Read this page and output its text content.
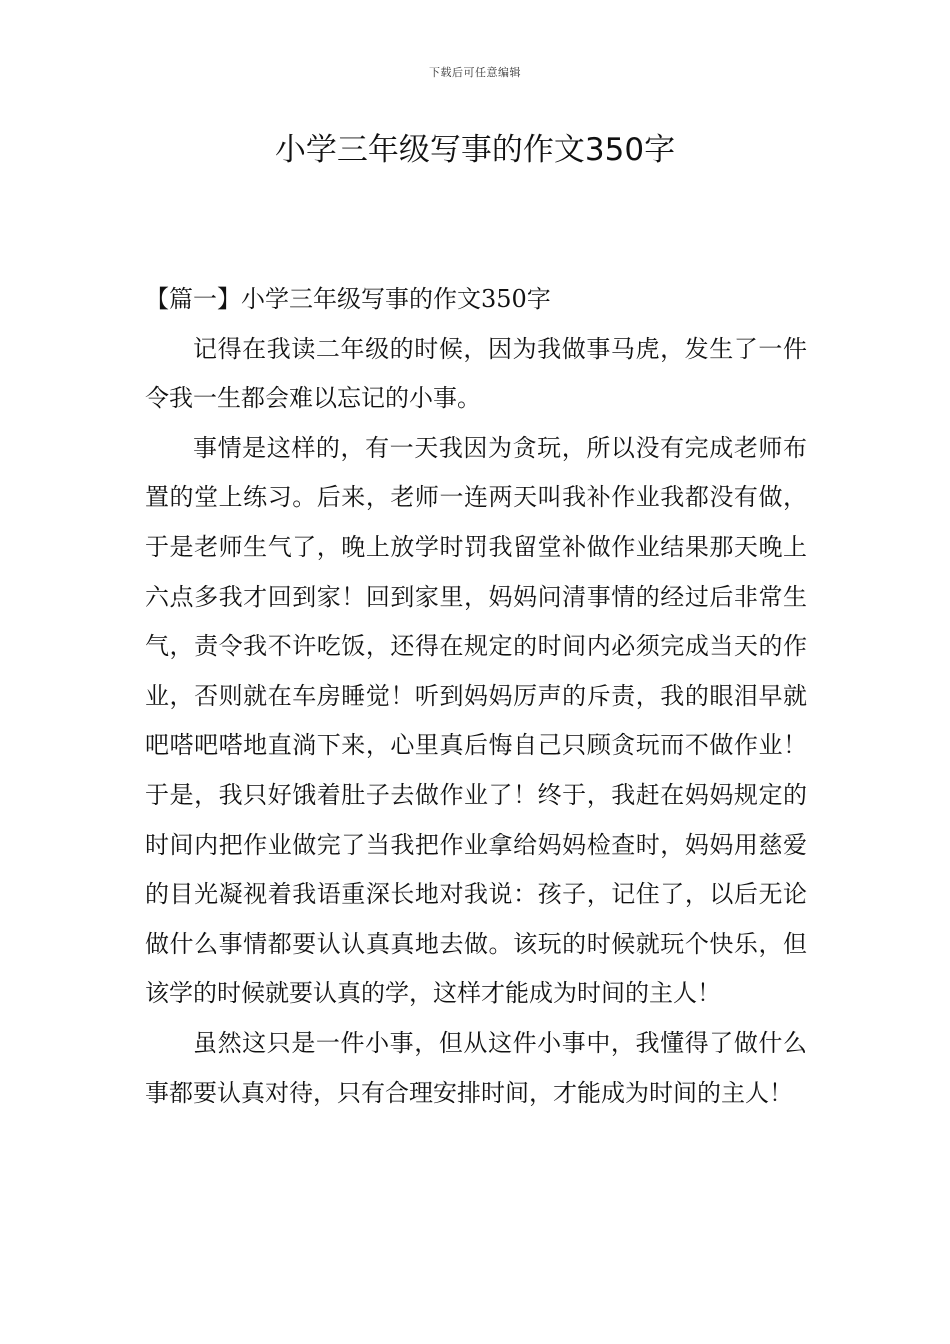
下载后可任意编辑
小学三年级写事的作文350字

【篇一】小学三年级写事的作文350字

记得在我读二年级的时候，因为我做事马虎，发生了一件令我一生都会难以忘记的小事。

事情是这样的，有一天我因为贪玩，所以没有完成老师布置的堂上练习。后来，老师一连两天叫我补作业我都没有做，于是老师生气了，晚上放学时罚我留堂补做作业结果那天晚上六点多我才回到家！回到家里，妈妈问清事情的经过后非常生气，责令我不许吃饭，还得在规定的时间内必须完成当天的作业，否则就在车房睡觉！听到妈妈厉声的斥责，我的眼泪早就吧嗒吧嗒地直淌下来，心里真后悔自己只顾贪玩而不做作业！于是，我只好饿着肚子去做作业了！终于，我赶在妈妈规定的时间内把作业做完了当我把作业拿给妈妈检查时，妈妈用慈爱的目光凝视着我语重深长地对我说：孩子，记住了，以后无论做什么事情都要认认真真地去做。该玩的时候就玩个快乐，但该学的时候就要认真的学，这样才能成为时间的主人！

虽然这只是一件小事，但从这件小事中，我懂得了做什么事都要认真对待，只有合理安排时间，才能成为时间的主人！
